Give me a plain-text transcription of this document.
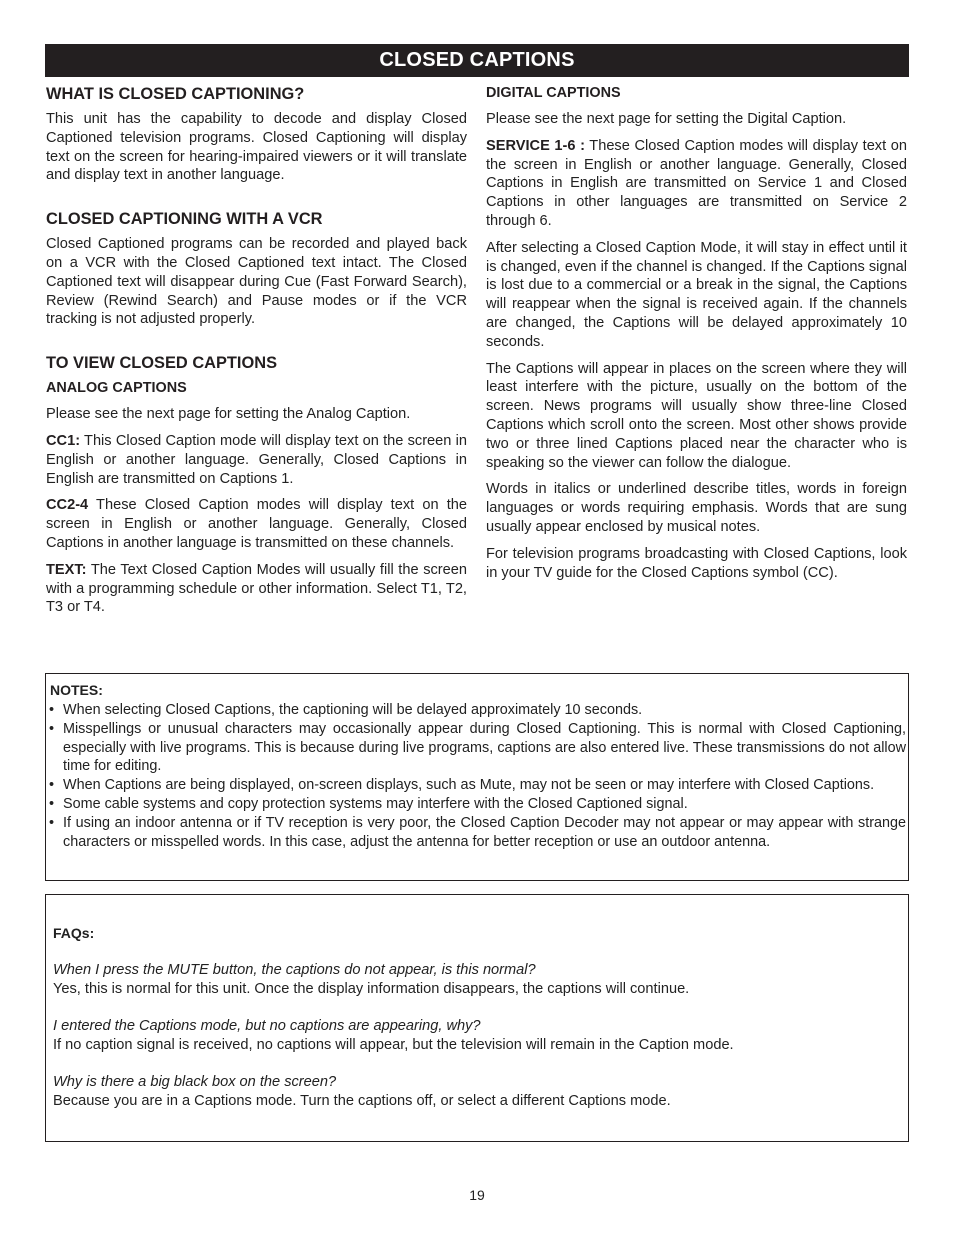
CLOSED CAPTIONS
WHAT IS CLOSED CAPTIONING?

This unit has the capability to decode and display Closed Captioned television programs. Closed Captioning will display text on the screen for hearing-impaired viewers or it will translate and display text in another language.

CLOSED CAPTIONING WITH A VCR

Closed Captioned programs can be recorded and played back on a VCR with the Closed Captioned text intact. The Closed Captioned text will disappear during Cue (Fast Forward Search), Review (Rewind Search) and Pause modes or if the VCR tracking is not adjusted properly.

TO VIEW CLOSED CAPTIONS
ANALOG CAPTIONS

Please see the next page for setting the Analog Caption.

CC1: This Closed Caption mode will display text on the screen in English or another language. Generally, Closed Captions in English are transmitted on Captions 1.

CC2-4 These Closed Caption modes will display text on the screen in English or another language. Generally, Closed Captions in another language is transmitted on these channels.

TEXT: The Text Closed Caption Modes will usually fill the screen with a programming schedule or other information. Select T1, T2, T3 or T4.

DIGITAL CAPTIONS

Please see the next page for setting the Digital Caption.

SERVICE 1-6 : These Closed Caption modes will display text on the screen in English or another language. Generally, Closed Captions in English are transmitted on Service 1 and Closed Captions in other languages are transmitted on Service 2 through 6.

After selecting a Closed Caption Mode, it will stay in effect until it is changed, even if the channel is changed. If the Captions signal is lost due to a commercial or a break in the signal, the Captions will reappear when the signal is received again. If the channels are changed, the Captions will be delayed approximately 10 seconds.

The Captions will appear in places on the screen where they will least interfere with the picture, usually on the bottom of the screen. News programs will usually show three-line Closed Captions which scroll onto the screen. Most other shows provide two or three lined Captions placed near the character who is speaking so the viewer can follow the dialogue.

Words in italics or underlined describe titles, words in foreign languages or words requiring emphasis. Words that are sung usually appear enclosed by musical notes.

For television programs broadcasting with Closed Captions, look in your TV guide for the Closed Captions symbol (CC).

NOTES:
• When selecting Closed Captions, the captioning will be delayed approximately 10 seconds.
• Misspellings or unusual characters may occasionally appear during Closed Captioning. This is normal with Closed Captioning, especially with live programs. This is because during live programs, captions are also entered live. These transmissions do not allow time for editing.
• When Captions are being displayed, on-screen displays, such as Mute, may not be seen or may interfere with Closed Captions.
• Some cable systems and copy protection systems may interfere with the Closed Captioned signal.
• If using an indoor antenna or if TV reception is very poor, the Closed Caption Decoder may not appear or may appear with strange characters or misspelled words. In this case, adjust the antenna for better reception or use an outdoor antenna.
FAQs:

When I press the MUTE button, the captions do not appear, is this normal?

Yes, this is normal for this unit. Once the display information disappears, the captions will continue.

I entered the Captions mode, but no captions are appearing, why?

If no caption signal is received, no captions will appear, but the television will remain in the Caption mode.

Why is there a big black box on the screen?

Because you are in a Captions mode. Turn the captions off, or select a different Captions mode.

19
